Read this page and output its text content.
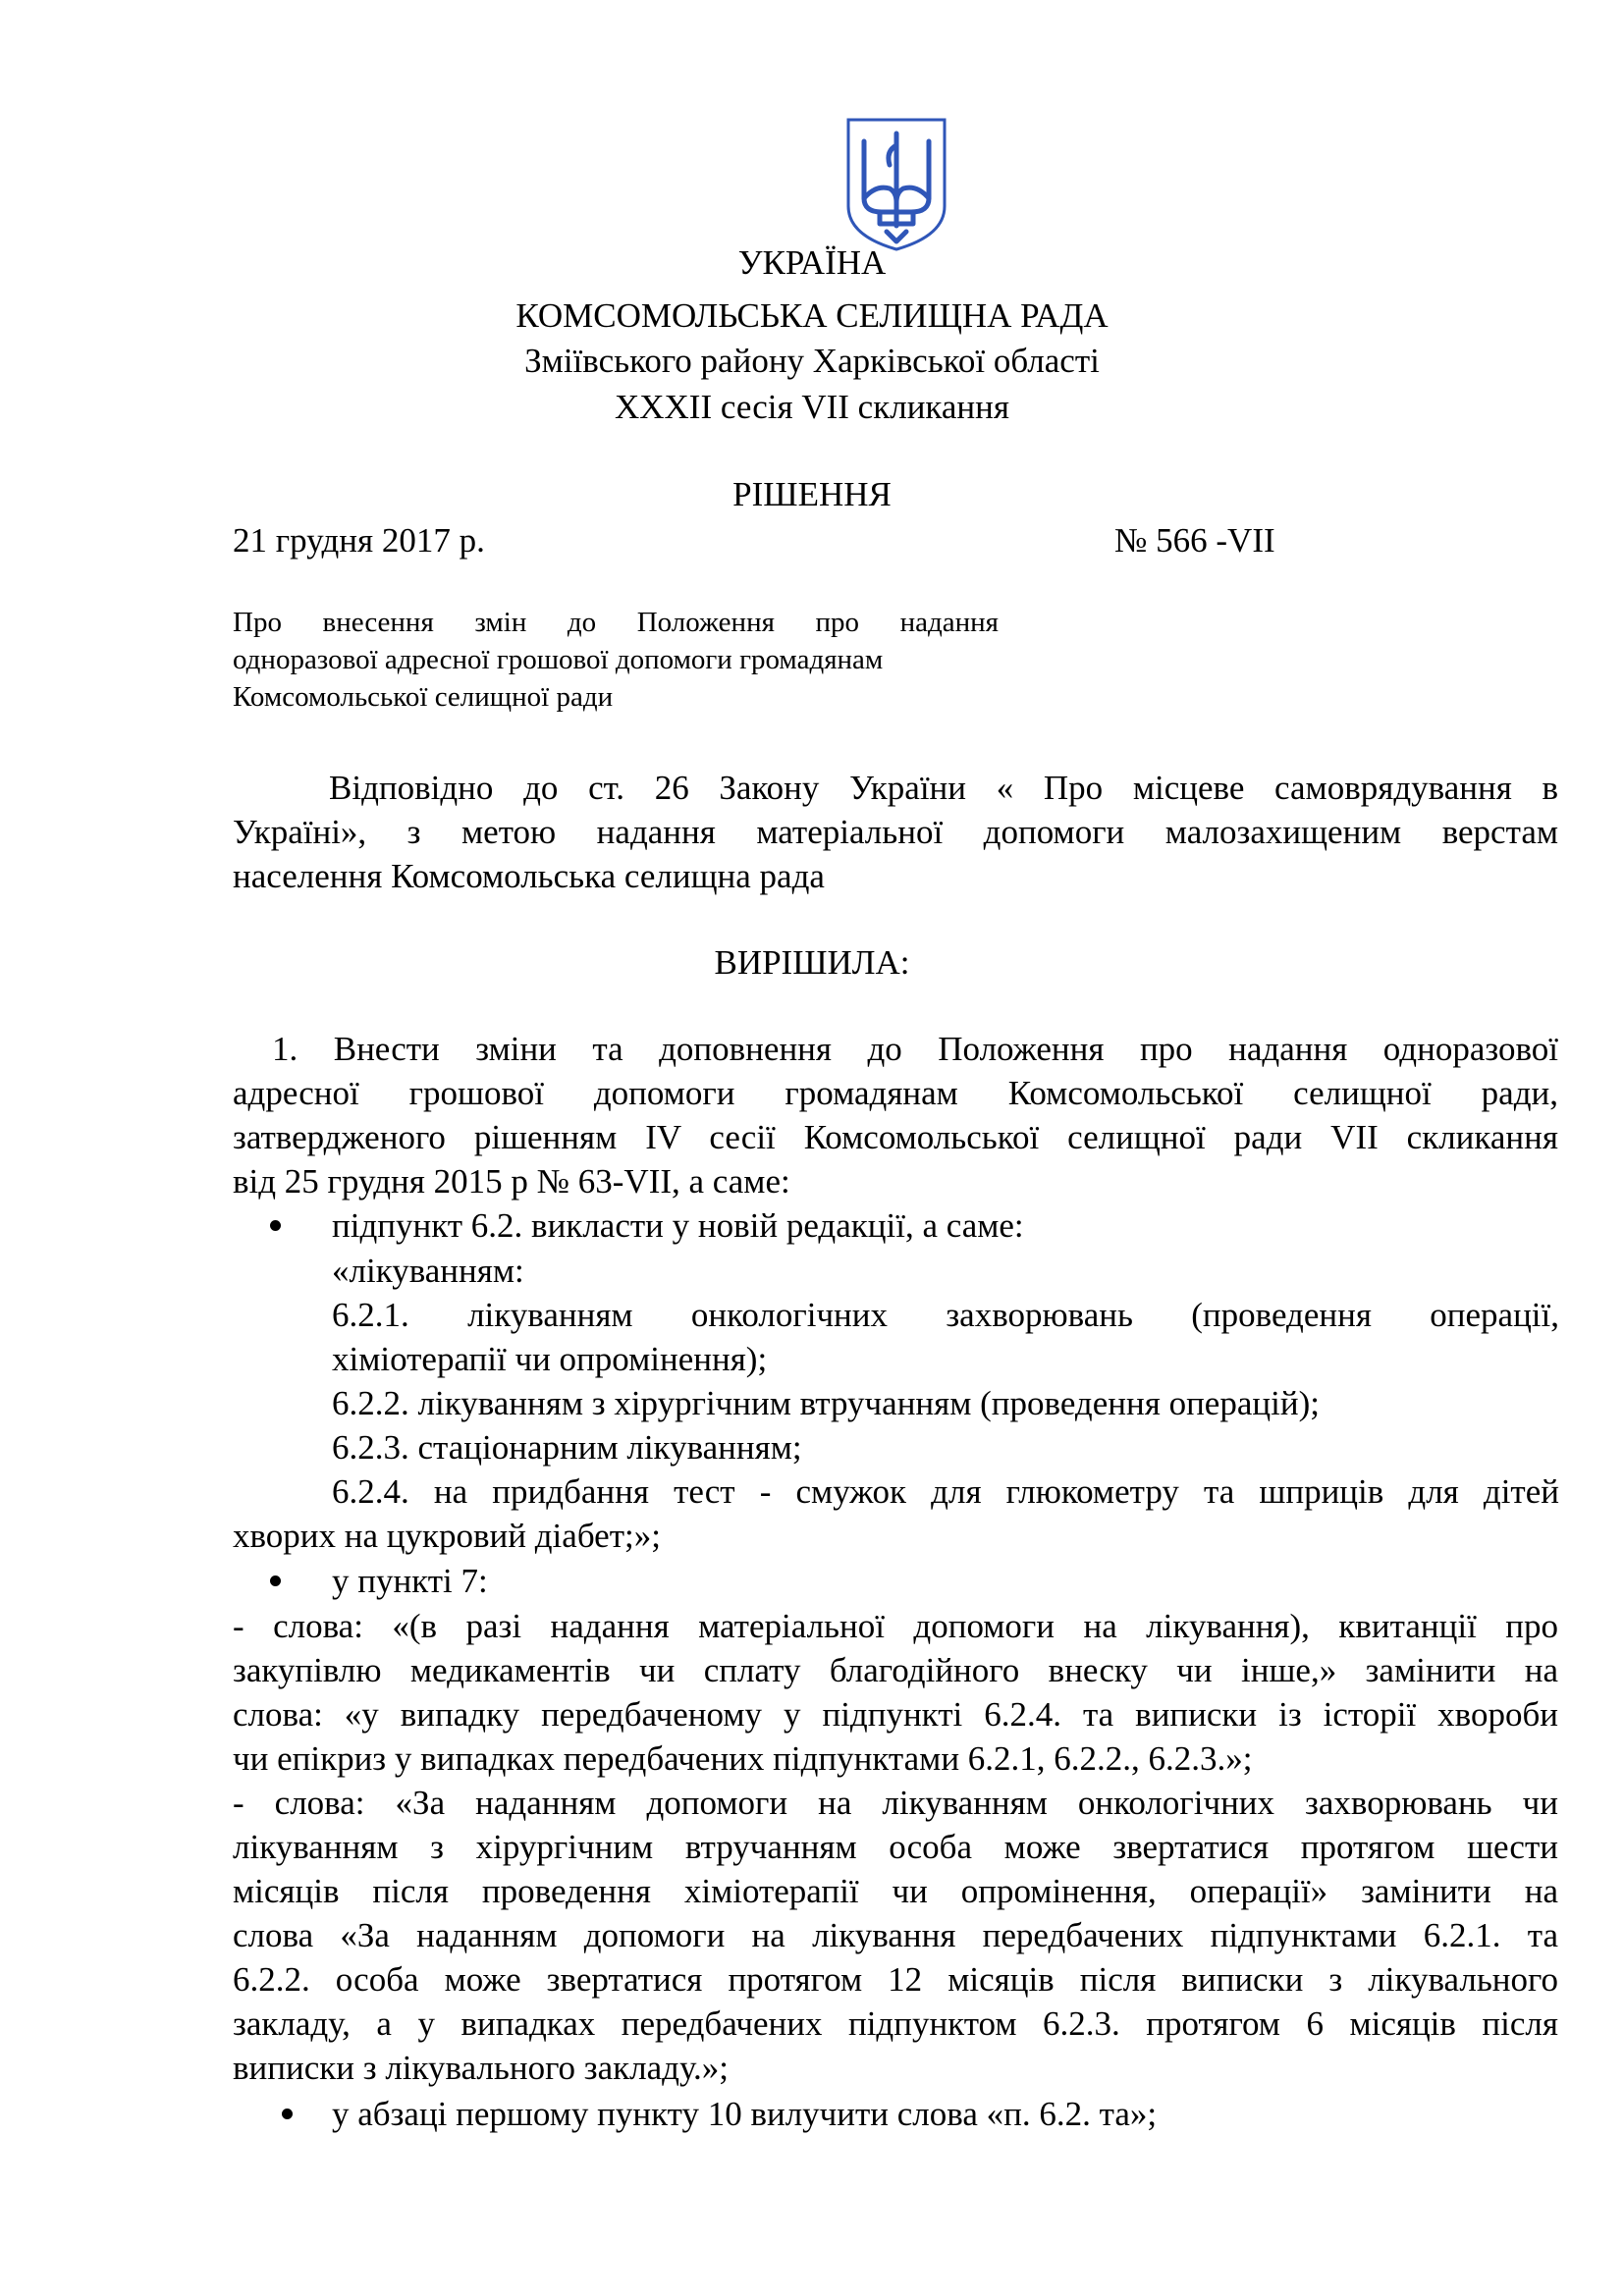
УКРАЇНА
КОМСОМОЛЬСЬКА СЕЛИЩНА РАДА
Зміївського району Харківської області
ХХХІІ сесія VII скликання
РІШЕННЯ
21 грудня 2017 р.	№ 566 -VII
Про внесення змін до Положення про надання
одноразової адресної грошової допомоги громадянам
Комсомольської селищної ради
Відповідно до ст. 26 Закону України « Про місцеве самоврядування в
Україні», з метою надання матеріальної допомоги малозахищеним верстам
населення Комсомольська селищна рада
ВИРІШИЛА:
1. Внести зміни та доповнення до Положення про надання одноразової
адресної грошової допомоги громадянам Комсомольської селищної ради,
затвердженого рішенням IV сесії Комсомольської селищної ради VII скликання
від 25 грудня 2015 р № 63-VII, а саме:
підпункт 6.2. викласти у новій редакції, а саме:
«лікуванням:
6.2.1. лікуванням онкологічних захворювань (проведення операції,
хіміотерапії чи опромінення);
6.2.2. лікуванням з хірургічним втручанням (проведення операцій);
6.2.3. стаціонарним лікуванням;
6.2.4. на придбання тест - смужок для глюкометру та шприців для дітей
хворих на цукровий діабет;»;
у пункті 7:
- слова: «(в разі надання матеріальної допомоги на лікування), квитанції про
закупівлю медикаментів чи сплату благодійного внеску чи інше,» замінити на
слова: «у випадку передбаченому у підпункті 6.2.4. та виписки із історії хвороби
чи епікриз у випадках передбачених підпунктами 6.2.1, 6.2.2., 6.2.3.»;
- слова: «За наданням допомоги на лікуванням онкологічних захворювань чи
лікуванням з хірургічним втручанням особа може звертатися протягом шести
місяців після проведення хіміотерапії чи опромінення, операції» замінити на
слова «За наданням допомоги на лікування передбачених підпунктами 6.2.1. та
6.2.2. особа може звертатися протягом 12 місяців після виписки з лікувального
закладу, а у випадках передбачених підпунктом 6.2.3. протягом 6 місяців після
виписки з лікувального закладу.»;
у абзаці першому пункту 10 вилучити слова «п. 6.2. та»;
